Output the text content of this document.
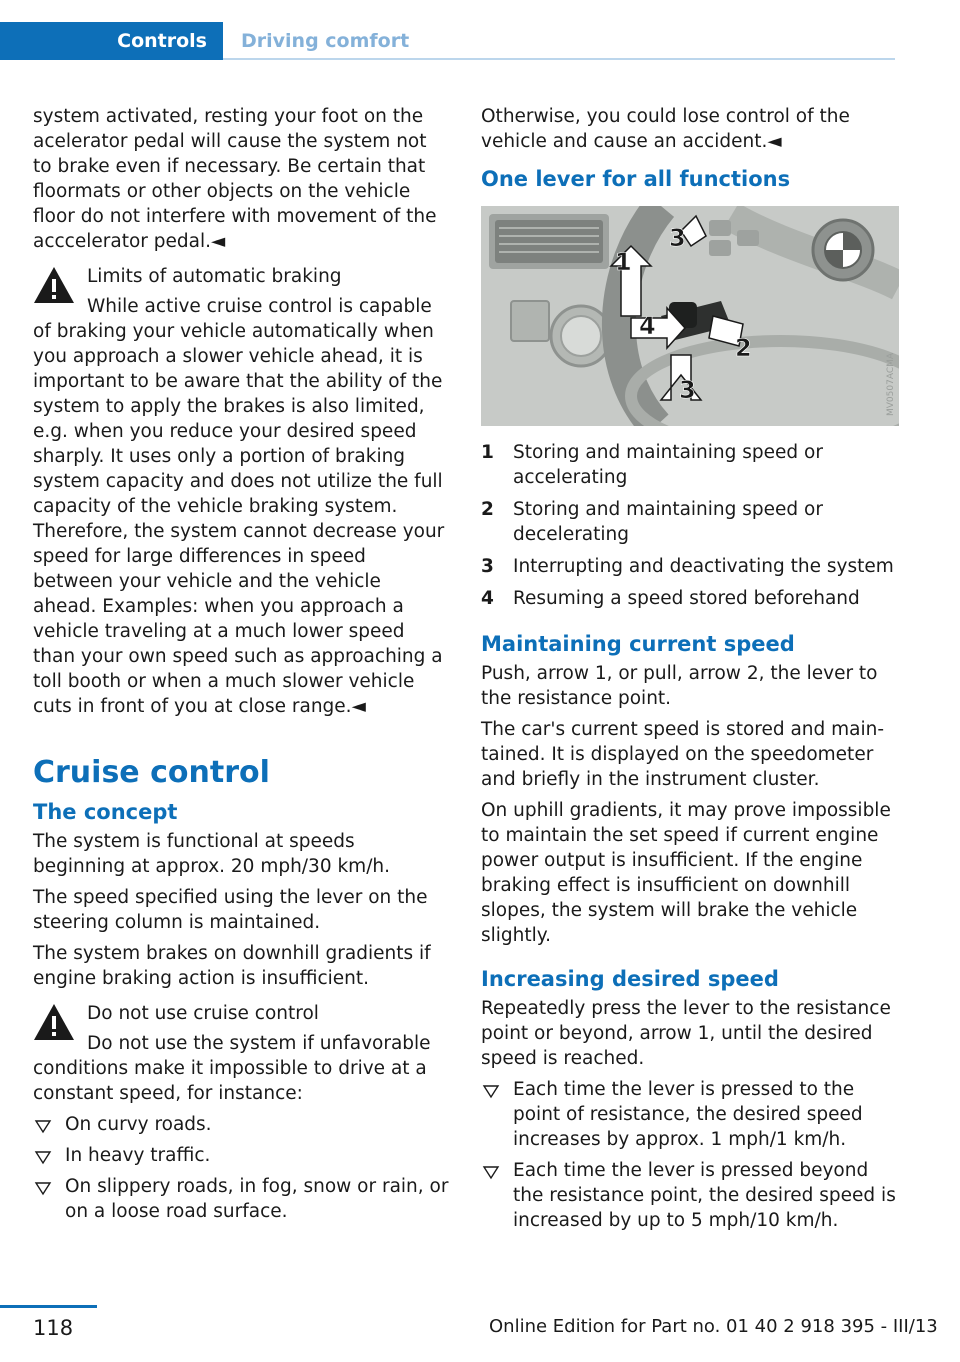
Controls	Driving comfort

system activated, resting your foot on the acelerator pedal will cause the system not to brake even if necessary. Be certain that floormats or other objects on the vehicle floor do not interfere with movement of the acccelerator pedal.◄

Limits of automatic braking

While active cruise control is capable of braking your vehicle automatically when you approach a slower vehicle ahead, it is important to be aware that the ability of the system to apply the brakes is also limited, e.g. when you reduce your desired speed sharply. It uses only a portion of braking system capacity and does not utilize the full capacity of the vehicle braking system. Therefore, the system cannot decrease your speed for large differences in speed between your vehicle and the vehicle ahead. Examples: when you approach a vehicle traveling at a much lower speed than your own speed such as approaching a toll booth or when a much slower vehicle cuts in front of you at close range.◄

Cruise control
The concept

The system is functional at speeds beginning at approx. 20 mph/30 km/h.

The speed specified using the lever on the steering column is maintained.

The system brakes on downhill gradients if engine braking action is insufficient.

Do not use cruise control

Do not use the system if unfavorable conditions make it impossible to drive at a constant speed, for instance:

On curvy roads.
In heavy traffic.
On slippery roads, in fog, snow or rain, or on a loose road surface.

Otherwise, you could lose control of the vehicle and cause an accident.◄

One lever for all functions
1
2
3
3
4
MV0507ACMA
1 Storing and maintaining speed or accelerating
2 Storing and maintaining speed or decelerating
3 Interrupting and deactivating the system
4 Resuming a speed stored beforehand
Maintaining current speed

Push, arrow 1, or pull, arrow 2, the lever to the resistance point.

The car's current speed is stored and maintained. It is displayed on the speedometer and briefly in the instrument cluster.

On uphill gradients, it may prove impossible to maintain the set speed if current engine power output is insufficient. If the engine braking effect is insufficient on downhill slopes, the system will brake the vehicle slightly.

Increasing desired speed

Repeatedly press the lever to the resistance point or beyond, arrow 1, until the desired speed is reached.

Each time the lever is pressed to the point of resistance, the desired speed increases by approx. 1 mph/1 km/h.
Each time the lever is pressed beyond the resistance point, the desired speed is increased by up to 5 mph/10 km/h.
118	Online Edition for Part no. 01 40 2 918 395 - III/13
